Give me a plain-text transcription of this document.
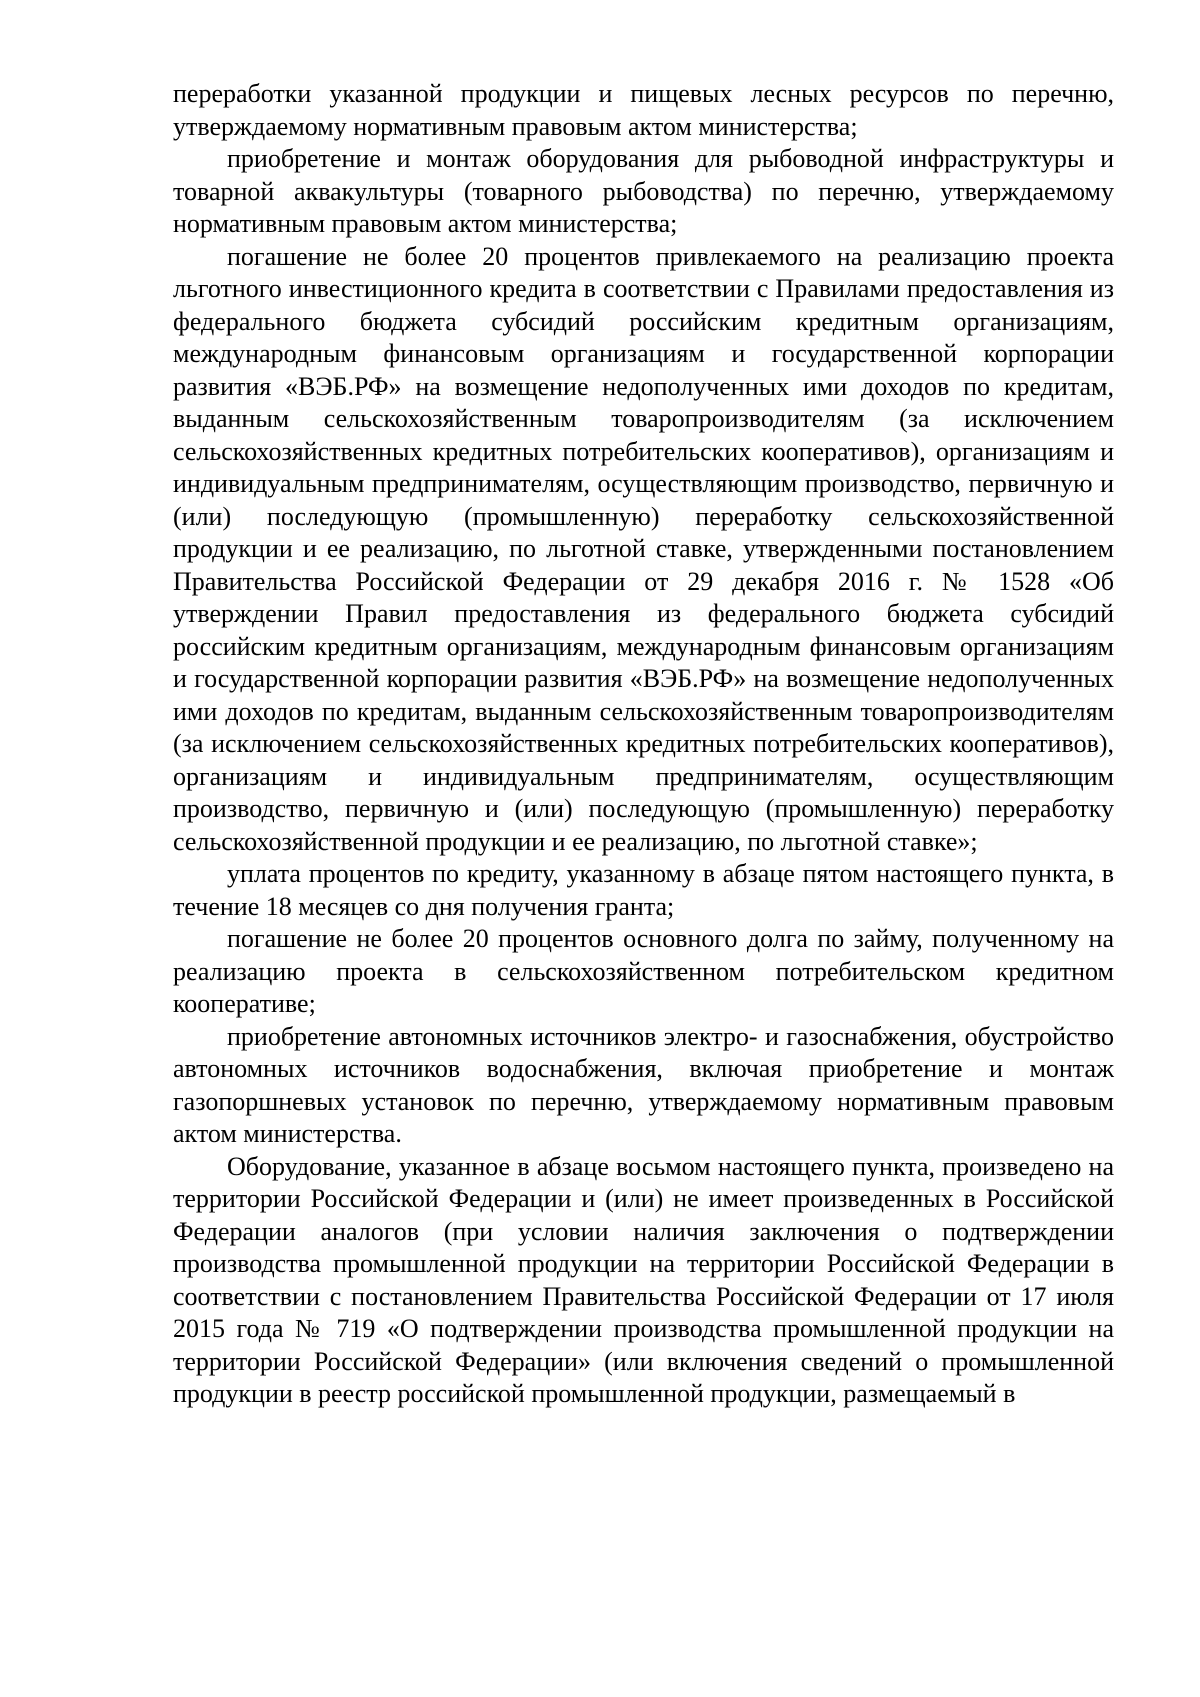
переработки указанной продукции и пищевых лесных ресурсов по перечню, утверждаемому нормативным правовым актом министерства;

приобретение и монтаж оборудования для рыбоводной инфраструктуры и товарной аквакультуры (товарного рыбоводства) по перечню, утверждаемому нормативным правовым актом министерства;

погашение не более 20 процентов привлекаемого на реализацию проекта льготного инвестиционного кредита в соответствии с Правилами предоставления из федерального бюджета субсидий российским кредитным организациям, международным финансовым организациям и государственной корпорации развития «ВЭБ.РФ» на возмещение недополученных ими доходов по кредитам, выданным сельскохозяйственным товаропроизводителям (за исключением сельскохозяйственных кредитных потребительских кооперативов), организациям и индивидуальным предпринимателям, осуществляющим производство, первичную и (или) последующую (промышленную) переработку сельскохозяйственной продукции и ее реализацию, по льготной ставке, утвержденными постановлением Правительства Российской Федерации от 29 декабря 2016 г. № 1528 «Об утверждении Правил предоставления из федерального бюджета субсидий российским кредитным организациям, международным финансовым организациям и государственной корпорации развития «ВЭБ.РФ» на возмещение недополученных ими доходов по кредитам, выданным сельскохозяйственным товаропроизводителям (за исключением сельскохозяйственных кредитных потребительских кооперативов), организациям и индивидуальным предпринимателям, осуществляющим производство, первичную и (или) последующую (промышленную) переработку сельскохозяйственной продукции и ее реализацию, по льготной ставке»;

уплата процентов по кредиту, указанному в абзаце пятом настоящего пункта, в течение 18 месяцев со дня получения гранта;

погашение не более 20 процентов основного долга по займу, полученному на реализацию проекта в сельскохозяйственном потребительском кредитном кооперативе;

приобретение автономных источников электро- и газоснабжения, обустройство автономных источников водоснабжения, включая приобретение и монтаж газопоршневых установок по перечню, утверждаемому нормативным правовым актом министерства.

Оборудование, указанное в абзаце восьмом настоящего пункта, произведено на территории Российской Федерации и (или) не имеет произведенных в Российской Федерации аналогов (при условии наличия заключения о подтверждении производства промышленной продукции на территории Российской Федерации в соответствии с постановлением Правительства Российской Федерации от 17 июля 2015 года № 719 «О подтверждении производства промышленной продукции на территории Российской Федерации» (или включения сведений о промышленной продукции в реестр российской промышленной продукции, размещаемый в
